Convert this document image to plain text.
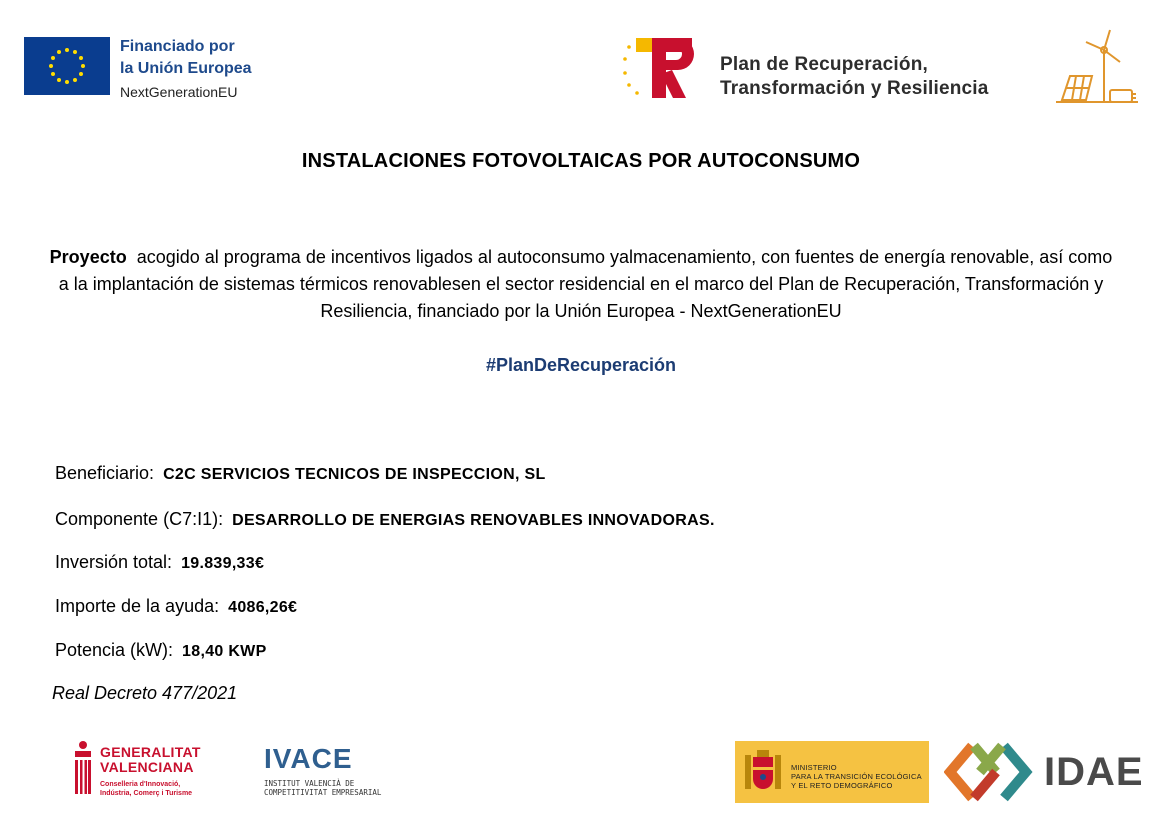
Financiado por
la Unión Europea
NextGenerationEU
Plan de Recuperación,
Transformación y Resiliencia
INSTALACIONES FOTOVOLTAICAS POR AUTOCONSUMO
Proyecto acogido al programa de incentivos ligados al autoconsumo yalmacenamiento, con fuentes de energía renovable, así como a la implantación de sistemas térmicos renovablesen el sector residencial en el marco del Plan de Recuperación, Transformación y Resiliencia, financiado por la Unión Europea - NextGenerationEU
#PlanDeRecuperación
Beneficiario: C2C SERVICIOS TECNICOS DE INSPECCION, SL
Componente (C7:I1): DESARROLLO DE ENERGIAS RENOVABLES INNOVADORAS.
Inversión total: 19.839,33€
Importe de la ayuda: 4086,26€
Potencia (kW): 18,40 KWP
Real Decreto 477/2021
GENERALITAT
VALENCIANA
Conselleria d'Innovació,
Indústria, Comerç i Turisme
IVACE
INSTITUT VALENCIÀ DE
COMPETITIVITAT EMPRESARIAL
MINISTERIO
PARA LA TRANSICIÓN ECOLÓGICA
Y EL RETO DEMOGRÁFICO	IDAE
